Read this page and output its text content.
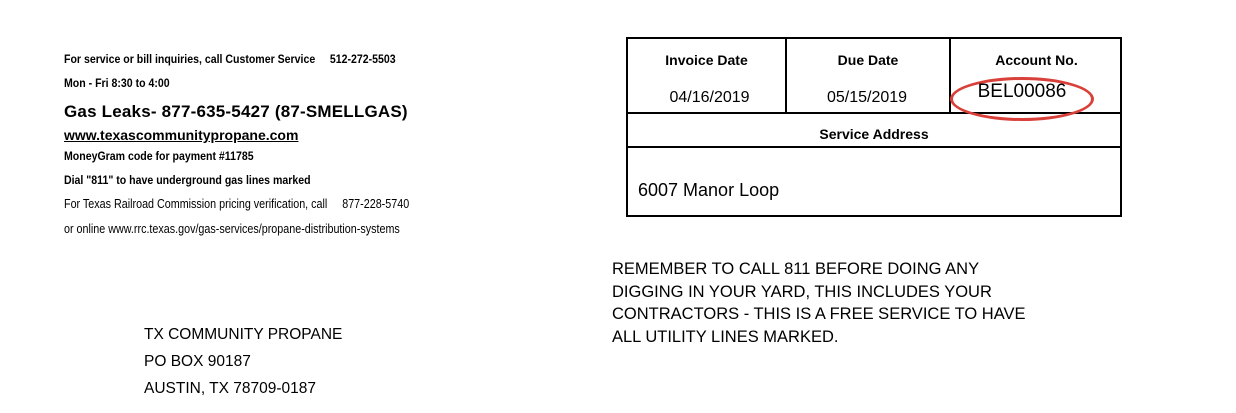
For service or bill inquiries, call Customer Service 512-272-5503
Mon - Fri 8:30 to 4:00
Gas Leaks- 877-635-5427 (87-SMELLGAS)
www.texascommunitypropane.com
MoneyGram code for payment #11785
Dial "811" to have underground gas lines marked
For Texas Railroad Commission pricing verification, call 877-228-5740
or online www.rrc.texas.gov/gas-services/propane-distribution-systems
Invoice Date
04/16/2019
Due Date
05/15/2019
Account No.
BEL00086
Service Address
6007 Manor Loop
REMEMBER TO CALL 811 BEFORE DOING ANY
DIGGING IN YOUR YARD, THIS INCLUDES YOUR
CONTRACTORS - THIS IS A FREE SERVICE TO HAVE
ALL UTILITY LINES MARKED.
TX COMMUNITY PROPANE
PO BOX 90187
AUSTIN, TX 78709-0187
